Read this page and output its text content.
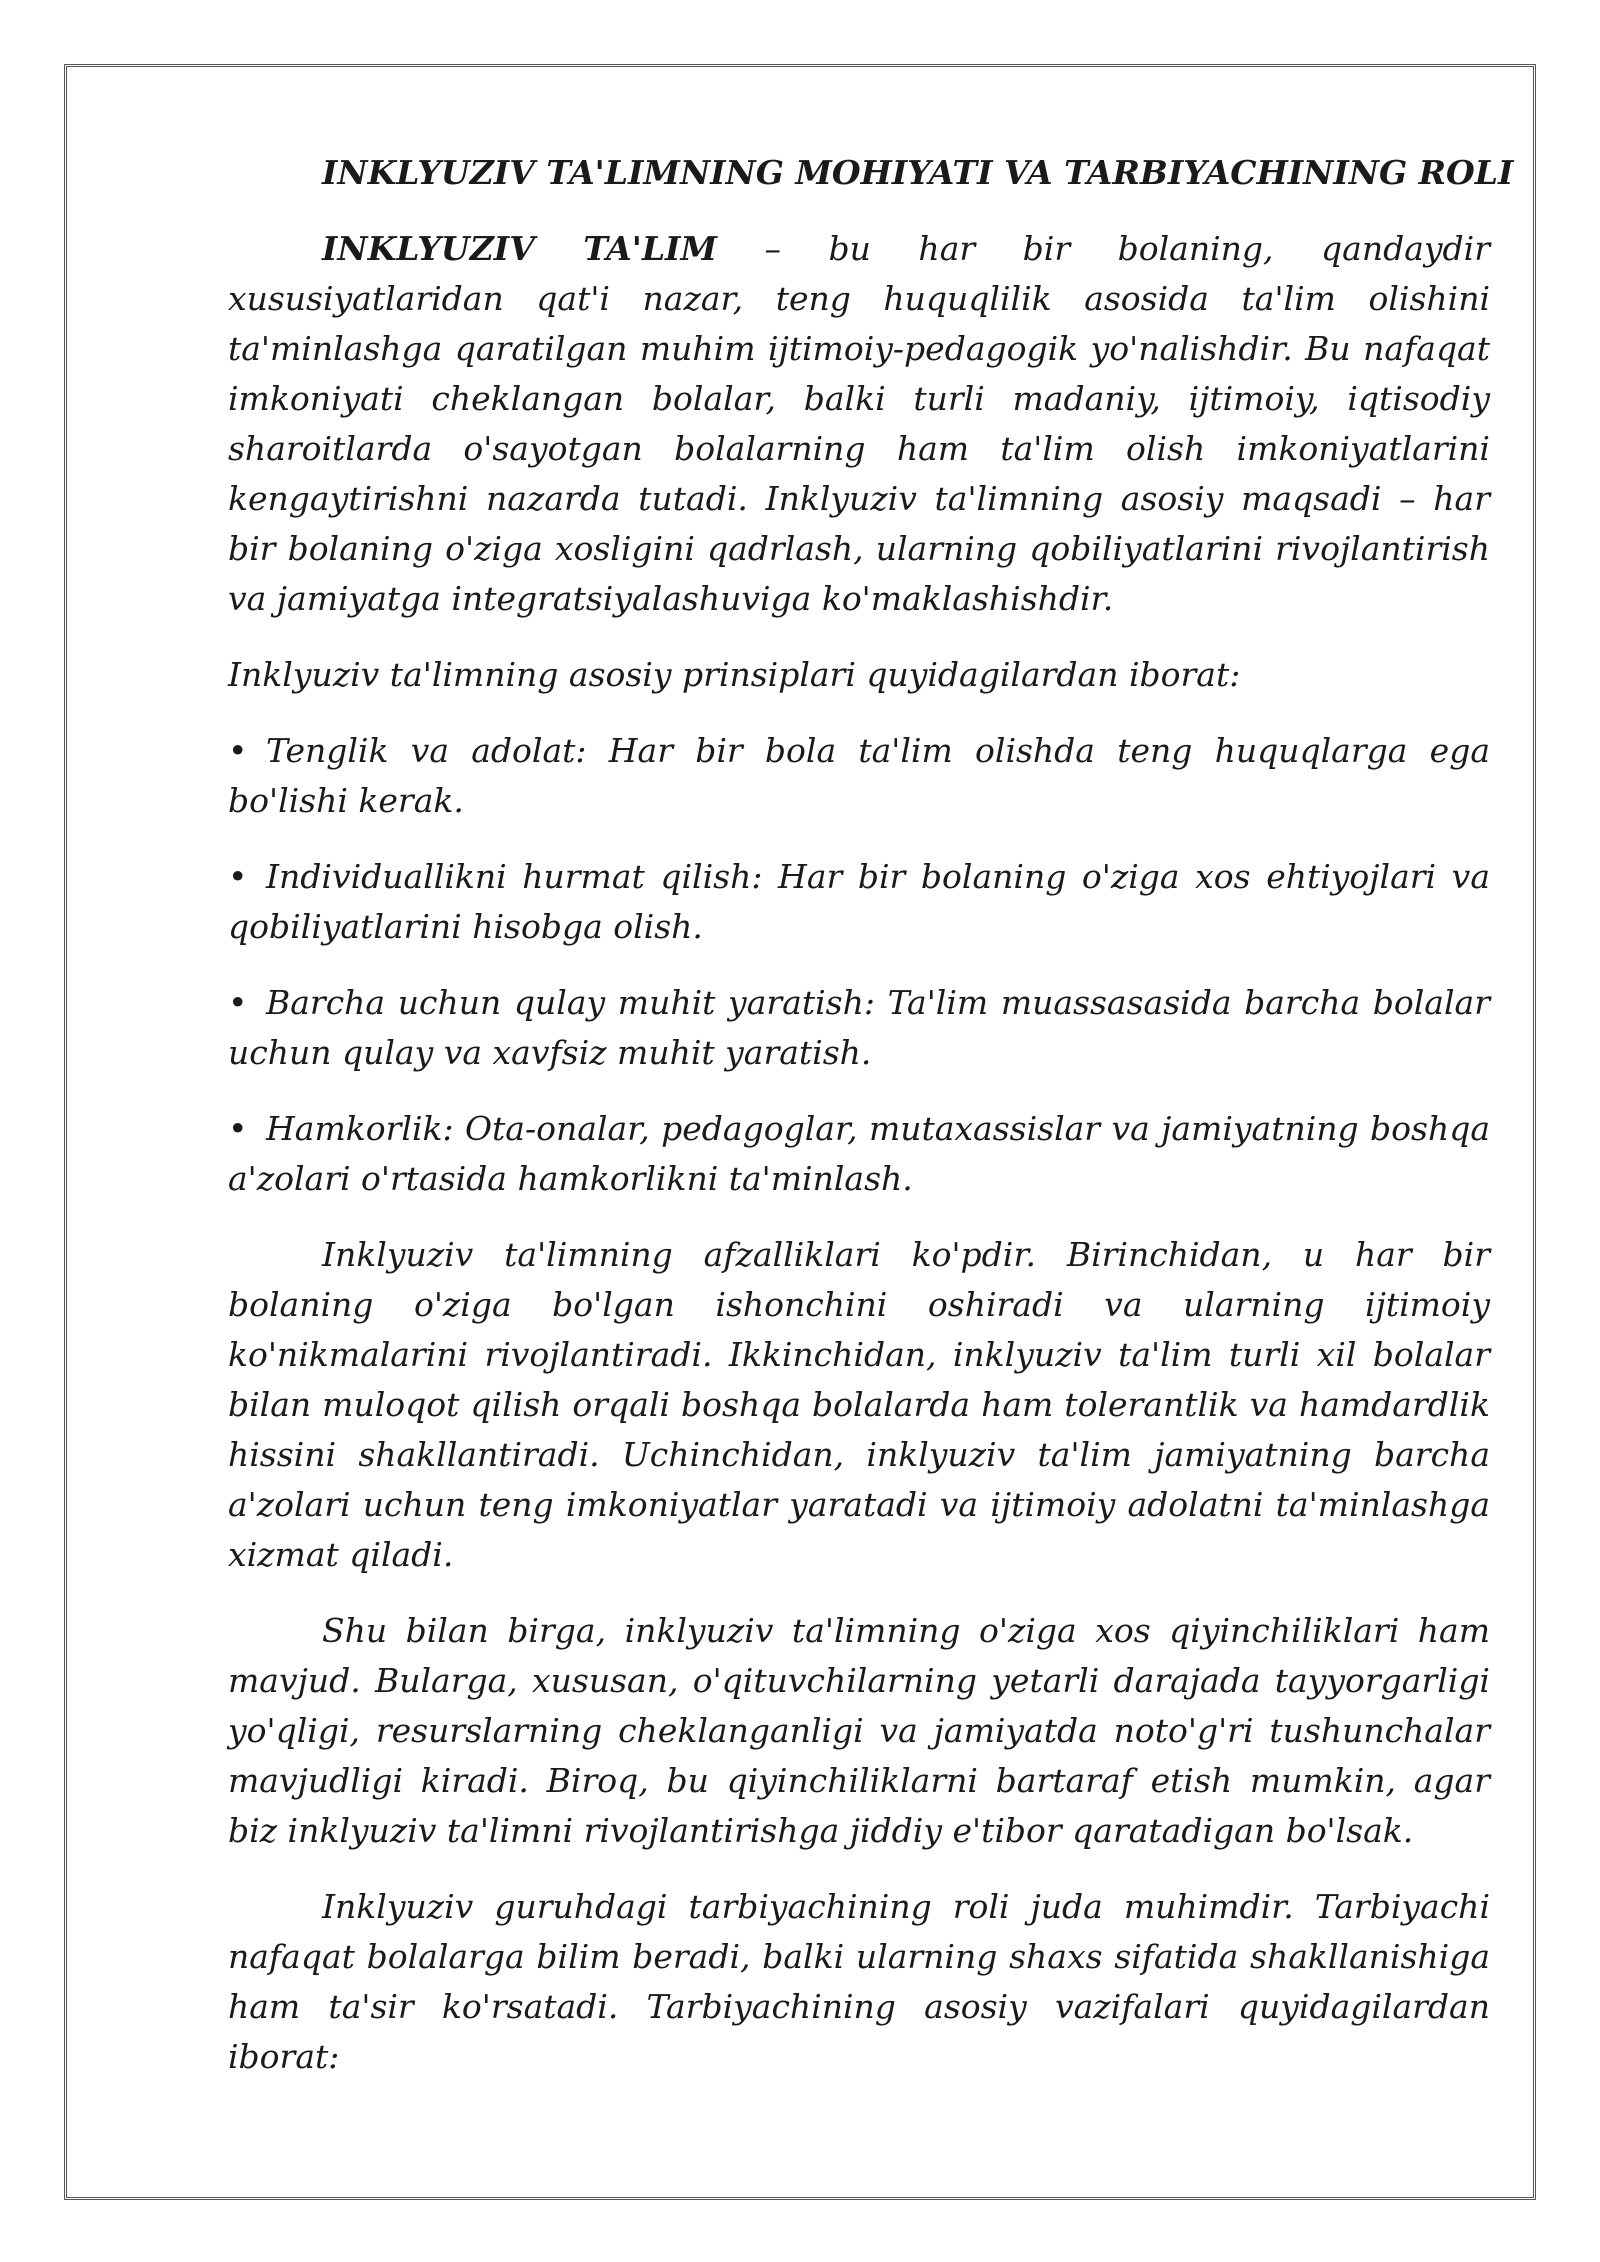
INKLYUZIV TA'LIMNING MOHIYATI VA TARBIYACHINING ROLI

INKLYUZIV TA'LIM – bu har bir bolaning, qandaydir xususiyatlaridan qat'i nazar, teng huquqlilik asosida ta'lim olishini ta'minlashga qaratilgan muhim ijtimoiy-pedagogik yo'nalishdir. Bu nafaqat imkoniyati cheklangan bolalar, balki turli madaniy, ijtimoiy, iqtisodiy sharoitlarda o'sayotgan bolalarning ham ta'lim olish imkoniyatlarini kengaytirishni nazarda tutadi. Inklyuziv ta'limning asosiy maqsadi – har bir bolaning o'ziga xosligini qadrlash, ularning qobiliyatlarini rivojlantirish va jamiyatga integratsiyalashuviga ko'maklashishdir.

Inklyuziv ta'limning asosiy prinsiplari quyidagilardan iborat:

• Tenglik va adolat: Har bir bola ta'lim olishda teng huquqlarga ega bo'lishi kerak.

• Individuallikni hurmat qilish: Har bir bolaning o'ziga xos ehtiyojlari va qobiliyatlarini hisobga olish.

• Barcha uchun qulay muhit yaratish: Ta'lim muassasasida barcha bolalar uchun qulay va xavfsiz muhit yaratish.

• Hamkorlik: Ota-onalar, pedagoglar, mutaxassislar va jamiyatning boshqa a'zolari o'rtasida hamkorlikni ta'minlash.

Inklyuziv ta'limning afzalliklari ko'pdir. Birinchidan, u har bir bolaning o'ziga bo'lgan ishonchini oshiradi va ularning ijtimoiy ko'nikmalarini rivojlantiradi. Ikkinchidan, inklyuziv ta'lim turli xil bolalar bilan muloqot qilish orqali boshqa bolalarda ham tolerantlik va hamdardlik hissini shakllantiradi. Uchinchidan, inklyuziv ta'lim jamiyatning barcha a'zolari uchun teng imkoniyatlar yaratadi va ijtimoiy adolatni ta'minlashga xizmat qiladi.

Shu bilan birga, inklyuziv ta'limning o'ziga xos qiyinchiliklari ham mavjud. Bularga, xususan, o'qituvchilarning yetarli darajada tayyorgarligi yo'qligi, resurslarning cheklanganligi va jamiyatda noto'g'ri tushunchalar mavjudligi kiradi. Biroq, bu qiyinchiliklarni bartaraf etish mumkin, agar biz inklyuziv ta'limni rivojlantirishga jiddiy e'tibor qaratadigan bo'lsak.

Inklyuziv guruhdagi tarbiyachining roli juda muhimdir. Tarbiyachi nafaqat bolalarga bilim beradi, balki ularning shaxs sifatida shakllanishiga ham ta'sir ko'rsatadi. Tarbiyachining asosiy vazifalari quyidagilardan iborat:
